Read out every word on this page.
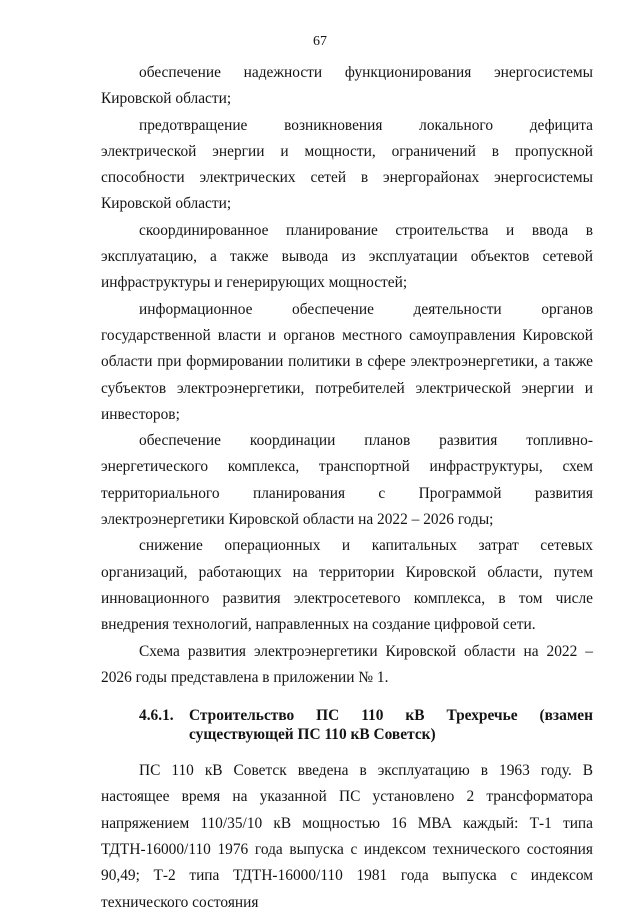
67

обеспечение надежности функционирования энергосистемы Кировской области;

предотвращение возникновения локального дефицита электрической энергии и мощности, ограничений в пропускной способности электрических сетей в энергорайонах энергосистемы Кировской области;

скоординированное планирование строительства и ввода в эксплуатацию, а также вывода из эксплуатации объектов сетевой инфраструктуры и генерирующих мощностей;

информационное обеспечение деятельности органов государственной власти и органов местного самоуправления Кировской области при формировании политики в сфере электроэнергетики, а также субъектов электроэнергетики, потребителей электрической энергии и инвесторов;

обеспечение координации планов развития топливно-энергетического комплекса, транспортной инфраструктуры, схем территориального планирования с Программой развития электроэнергетики Кировской области на 2022 – 2026 годы;

снижение операционных и капитальных затрат сетевых организаций, работающих на территории Кировской области, путем инновационного развития электросетевого комплекса, в том числе внедрения технологий, направленных на создание цифровой сети.

Схема развития электроэнергетики Кировской области на 2022 – 2026 годы представлена в приложении № 1.

4.6.1. Строительство ПС 110 кВ Трехречье (взамен существующей ПС 110 кВ Советск)

ПС 110 кВ Советск введена в эксплуатацию в 1963 году. В настоящее время на указанной ПС установлено 2 трансформатора напряжением 110/35/10 кВ мощностью 16 МВА каждый: Т-1 типа ТДТН-16000/110 1976 года выпуска с индексом технического состояния 90,49; Т-2 типа ТДТН-16000/110 1981 года выпуска с индексом технического состояния
